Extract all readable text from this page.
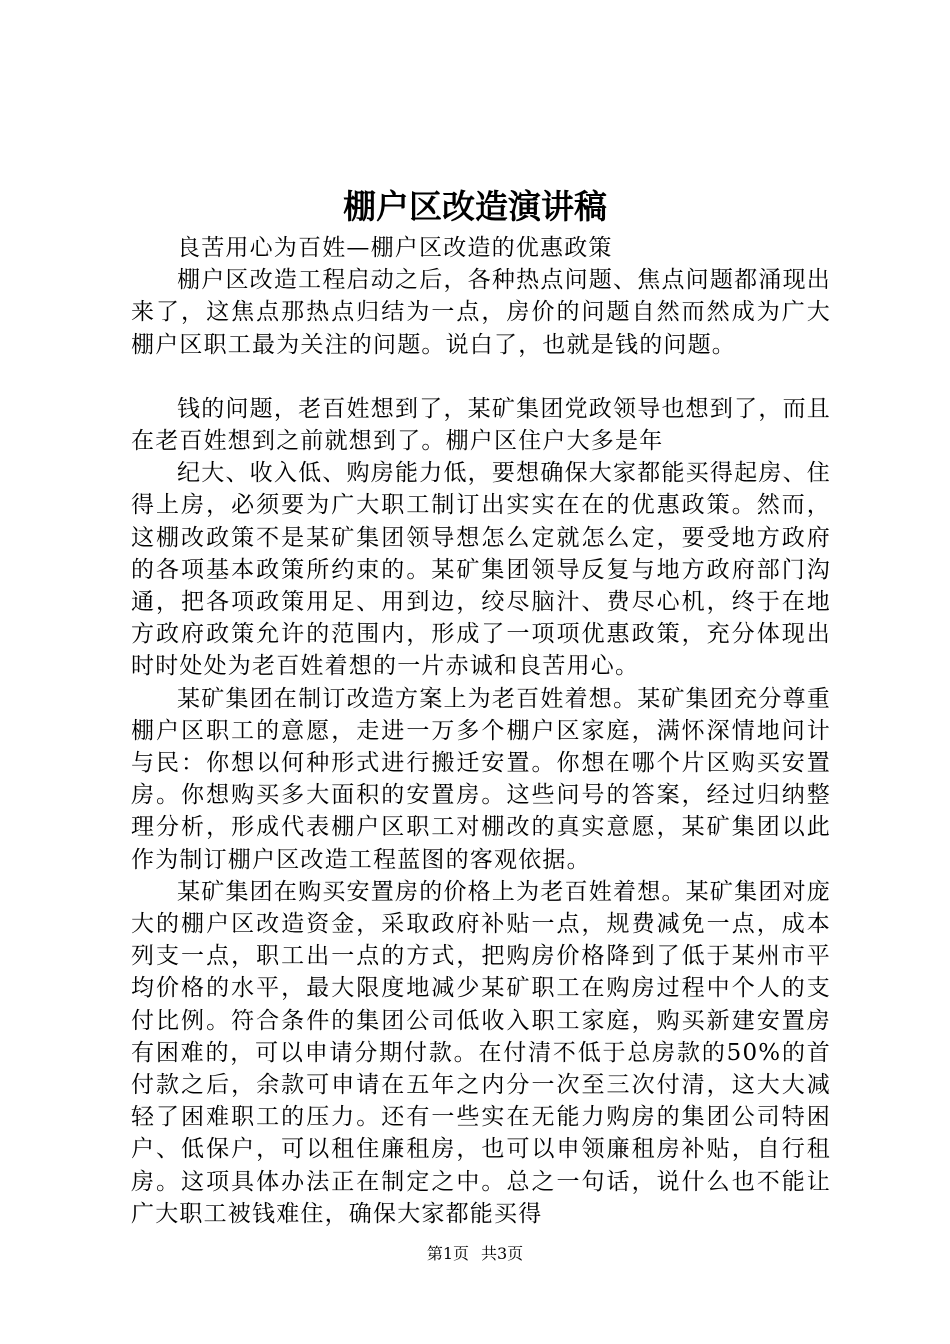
棚户区改造演讲稿

良苦用心为百姓—棚户区改造的优惠政策

棚户区改造工程启动之后，各种热点问题、焦点问题都涌现出来了，这焦点那热点归结为一点，房价的问题自然而然成为广大棚户区职工最为关注的问题。说白了，也就是钱的问题。

钱的问题，老百姓想到了，某矿集团党政领导也想到了，而且在老百姓想到之前就想到了。棚户区住户大多是年

纪大、收入低、购房能力低，要想确保大家都能买得起房、住得上房，必须要为广大职工制订出实实在在的优惠政策。然而，这棚改政策不是某矿集团领导想怎么定就怎么定，要受地方政府的各项基本政策所约束的。某矿集团领导反复与地方政府部门沟通，把各项政策用足、用到边，绞尽脑汁、费尽心机，终于在地方政府政策允许的范围内，形成了一项项优惠政策，充分体现出时时处处为老百姓着想的一片赤诚和良苦用心。

某矿集团在制订改造方案上为老百姓着想。某矿集团充分尊重棚户区职工的意愿，走进一万多个棚户区家庭，满怀深情地问计与民：你想以何种形式进行搬迁安置。你想在哪个片区购买安置房。你想购买多大面积的安置房。这些问号的答案，经过归纳整理分析，形成代表棚户区职工对棚改的真实意愿，某矿集团以此作为制订棚户区改造工程蓝图的客观依据。

某矿集团在购买安置房的价格上为老百姓着想。某矿集团对庞大的棚户区改造资金，采取政府补贴一点，规费减免一点，成本列支一点，职工出一点的方式，把购房价格降到了低于某州市平均价格的水平，最大限度地减少某矿职工在购房过程中个人的支付比例。符合条件的集团公司低收入职工家庭，购买新建安置房有困难的，可以申请分期付款。在付清不低于总房款的50%的首付款之后，余款可申请在五年之内分一次至三次付清，这大大减轻了困难职工的压力。还有一些实在无能力购房的集团公司特困户、低保户，可以租住廉租房，也可以申领廉租房补贴，自行租房。这项具体办法正在制定之中。总之一句话，说什么也不能让广大职工被钱难住，确保大家都能买得

第1页 共3页
